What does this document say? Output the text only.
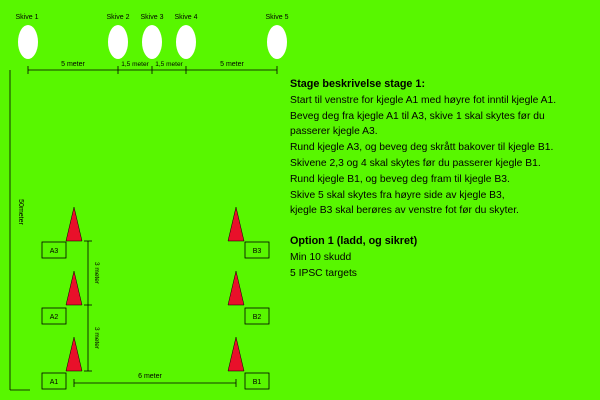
Skive 1	Skive 2 Skive 3 Skive 4	Skive 5
5 meter	1,5 meter 1,5 meter	5 meter
50meter
A3
A2
A1
B3
B2
B1
3 meter
3 meter
6 meter
Stage beskrivelse stage 1:
Start til venstre for kjegle A1 med høyre fot inntil kjegle A1.
Beveg deg fra kjegle A1 til A3, skive 1 skal skytes før du
passerer kjegle A3.
Rund kjegle A3, og beveg deg skrått bakover til kjegle B1.
Skivene 2,3 og 4 skal skytes før du passerer kjegle B1.
Rund kjegle B1, og beveg deg fram til kjegle B3.
Skive 5 skal skytes fra høyre side av kjegle B3,
kjegle B3 skal berøres av venstre fot før du skyter.
Option 1 (ladd, og sikret)
Min 10 skudd
5 IPSC targets
